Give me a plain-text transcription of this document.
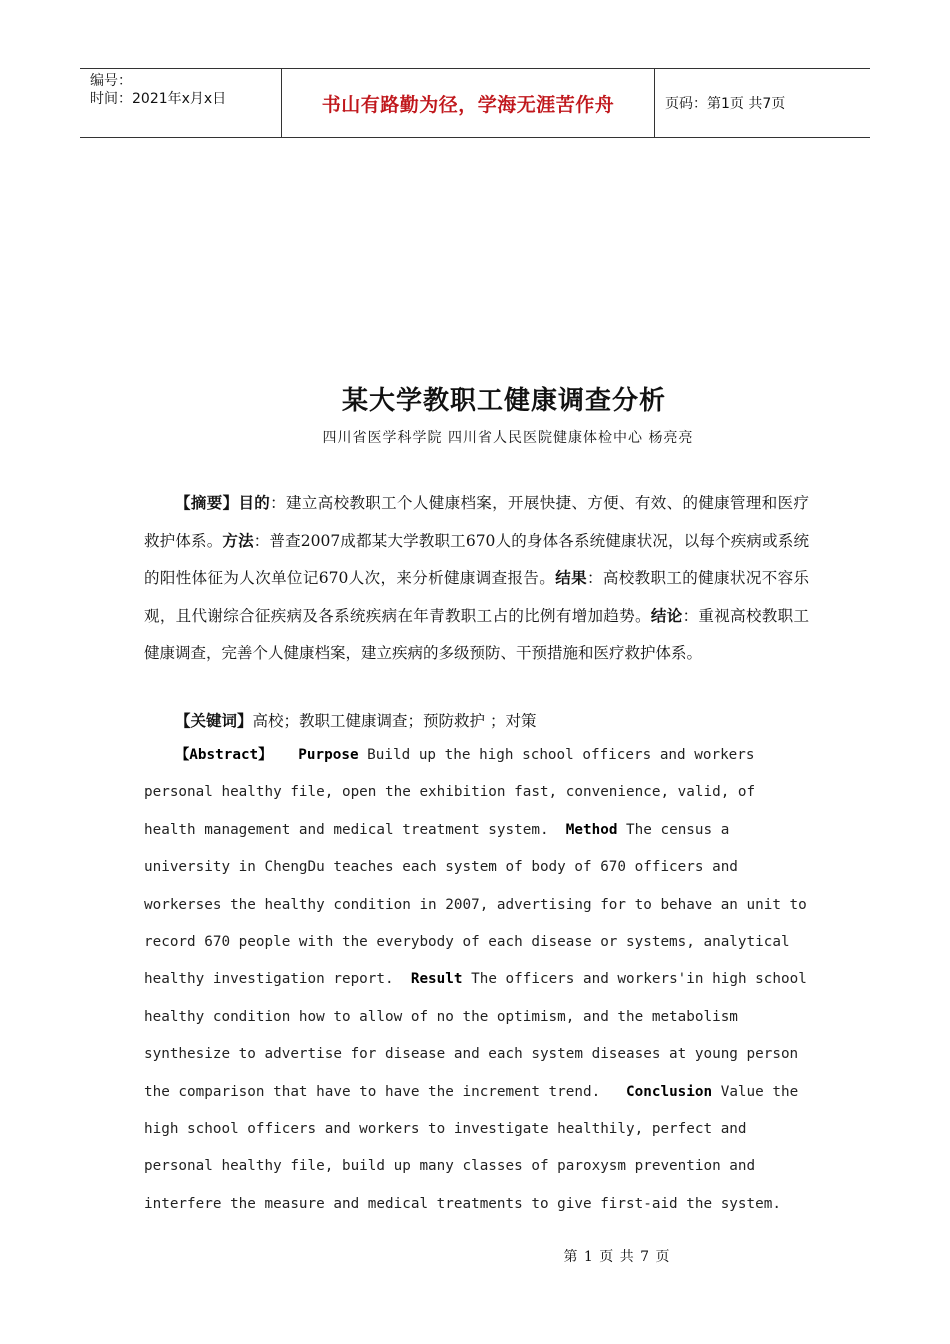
编号：
时间：2021年x月x日	书山有路勤为径，学海无涯苦作舟	页码：第1页 共7页
某大学教职工健康调查分析
四川省医学科学院 四川省人民医院健康体检中心 杨亮亮

【摘要】目的：建立高校教职工个人健康档案，开展快捷、方便、有效、的健康管理和医疗救护体系。方法：普查2007成都某大学教职工670人的身体各系统健康状况，以每个疾病或系统的阳性体征为人次单位记670人次，来分析健康调查报告。结果：高校教职工的健康状况不容乐观，且代谢综合征疾病及各系统疾病在年青教职工占的比例有增加趋势。结论：重视高校教职工健康调查，完善个人健康档案，建立疾病的多级预防、干预措施和医疗救护体系。

【关键词】高校；教职工健康调查；预防救护 ；对策
【Abstract】 Purpose Build up the high school officers and workers personal healthy file, open the exhibition fast, convenience, valid, of health management and medical treatment system. Method The census a university in ChengDu teaches each system of body of 670 officers and workerses the healthy condition in 2007, advertising for to behave an unit to record 670 people with the everybody of each disease or systems, analytical healthy investigation report. Result The officers and workers'in high school healthy condition how to allow of no the optimism, and the metabolism synthesize to advertise for disease and each system diseases at young person the comparison that have to have the increment trend. Conclusion Value the high school officers and workers to investigate healthily, perfect and personal healthy file, build up many classes of paroxysm prevention and interfere the measure and medical treatments to give first-aid the system.
第 1 页 共 7 页
